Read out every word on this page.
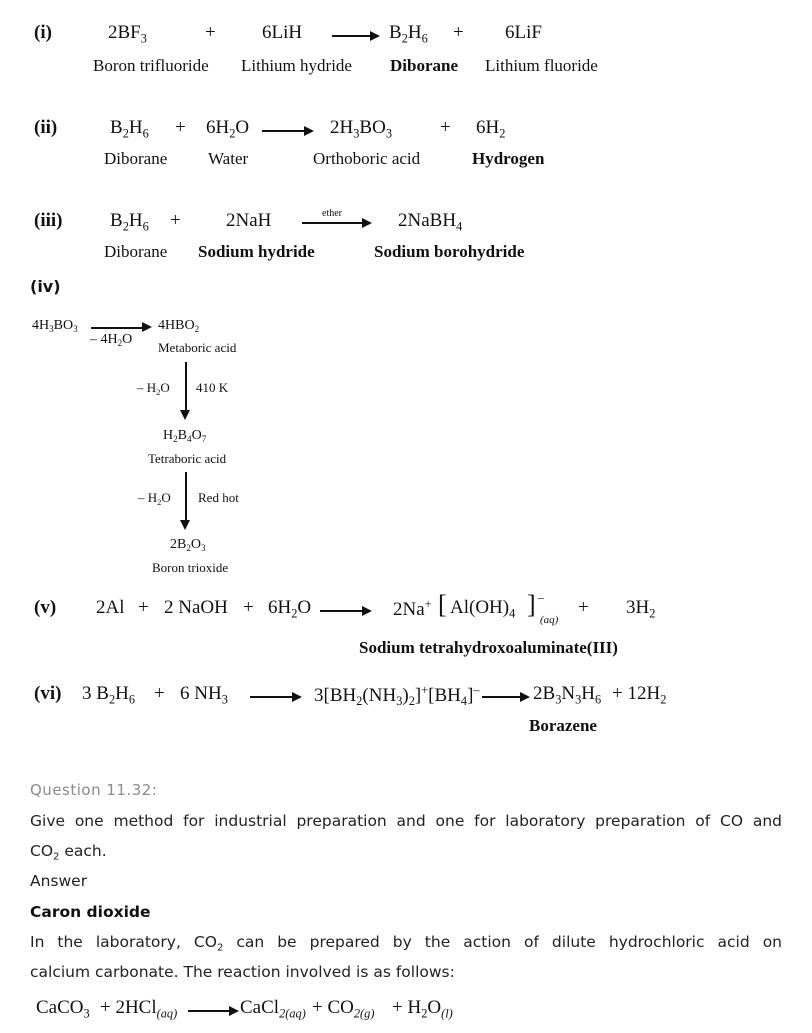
(i)	$2BF_3$	+ 6LiH	$B_2H_6 + 6LiF$
Boron trifluoride Lithium hydride Diborane Lithium fluoride
(ii)	$B_2H_6 + 6H_2O$	$2H_3BO_3$	+ $6H_2$
Diborane Water	Orthoboric acid	Hydrogen
(iii)	$B_2H_6 + 2NaH$	ether	2NaBH$_4$
Diborane Sodium hydride	Sodium borohydride
(iv)
$4H_3BO_3$
– $4H_2O$
$4HBO_2$
Metaboric acid
– $H_2O$ 410 K
$H_2B_4O_7$
Tetraboric acid
– $H_2O$ Red hot
$2B_2O_3$
Boron trioxide
(v) 2Al + 2 NaOH + $6H_2O$	2Na+ [ $Al(OH)_4$ ] –
(aq)
+ $3H_2$
Sodium tetrahydroxoaluminate(III)
(vi) 3 $B_2H_6 + 6$ $NH_3$	$3[BH_2(NH_3)_2]^+[BH_4]^-$	$2B_3N_3H_6 + 12H_2$
Borazene
Question 11.32:
Give one method for industrial preparation and one for laboratory preparation of CO and
$CO_2$ each.
Answer
Caron dioxide
In the laboratory, $CO_2$ can be prepared by the action of dilute hydrochloric acid on
calcium carbonate. The reaction involved is as follows:
CaCO$_3$ + 2HCl$_{(aq)}$	CaCl$_{2(aq)}$ + $CO_{2(g)} + H_2O_{(l)}$
